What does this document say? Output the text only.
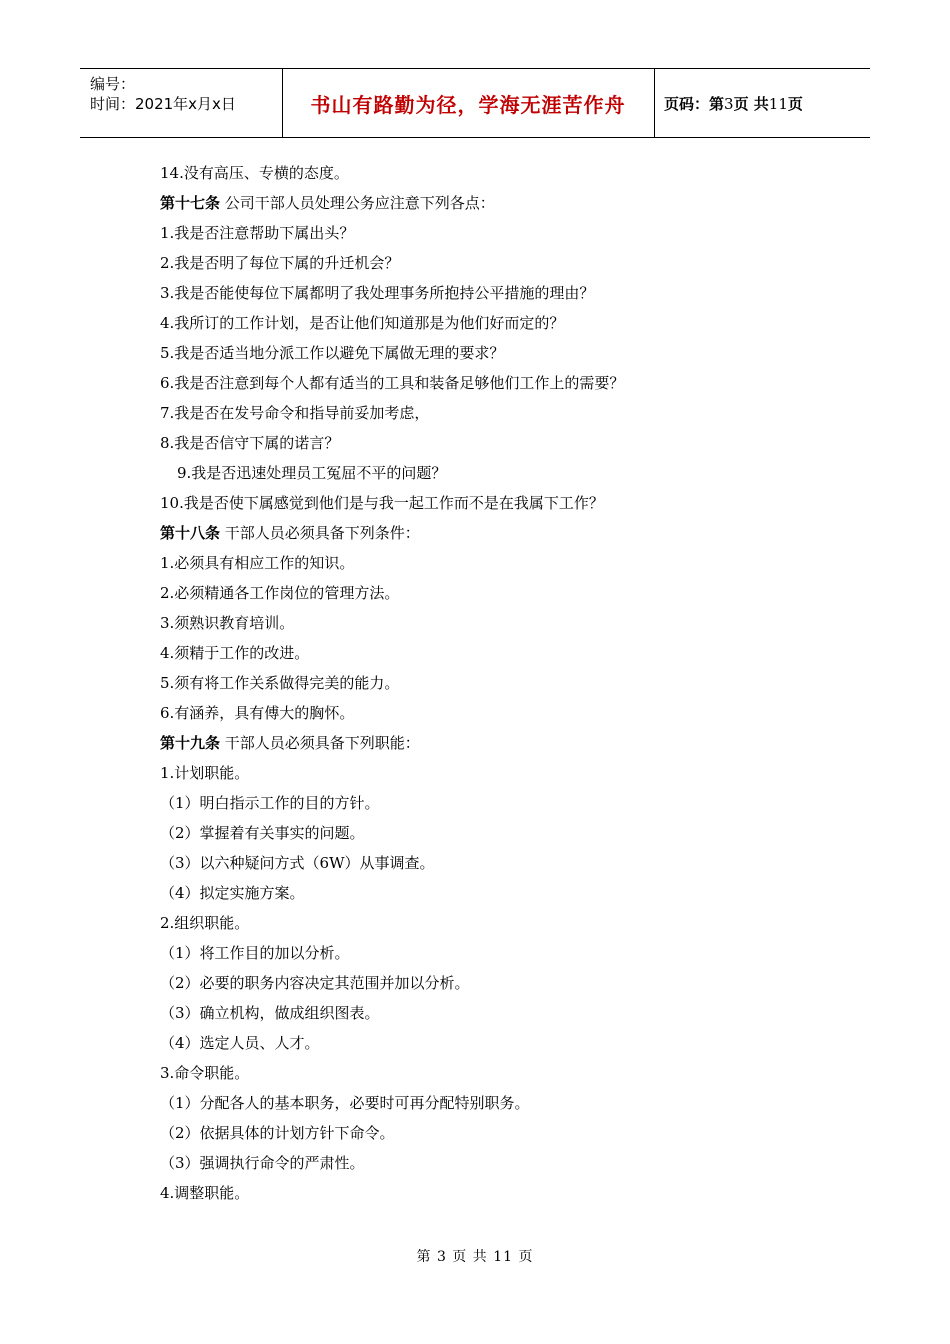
编号：
时间：2021年x月x日	书山有路勤为径，学海无涯苦作舟	页码：第3页 共11页
14.没有高压、专横的态度。
第十七条 公司干部人员处理公务应注意下列各点：
1.我是否注意帮助下属出头？
2.我是否明了每位下属的升迁机会？
3.我是否能使每位下属都明了我处理事务所抱持公平措施的理由？
4.我所订的工作计划，是否让他们知道那是为他们好而定的？
5.我是否适当地分派工作以避免下属做无理的要求？
6.我是否注意到每个人都有适当的工具和装备足够他们工作上的需要？
7.我是否在发号命令和指导前妥加考虑，
8.我是否信守下属的诺言？
9.我是否迅速处理员工冤屈不平的问题？
10.我是否使下属感觉到他们是与我一起工作而不是在我属下工作？
第十八条 干部人员必须具备下列条件：
1.必须具有相应工作的知识。
2.必须精通各工作岗位的管理方法。
3.须熟识教育培训。
4.须精于工作的改进。
5.须有将工作关系做得完美的能力。
6.有涵养，具有傅大的胸怀。
第十九条 干部人员必须具备下列职能：
1.计划职能。
（1）明白指示工作的目的方针。
（2）掌握着有关事实的问题。
（3）以六种疑问方式（6W）从事调查。
（4）拟定实施方案。
2.组织职能。
（1）将工作目的加以分析。
（2）必要的职务内容决定其范围并加以分析。
（3）确立机构，做成组织图表。
（4）选定人员、人才。
3.命令职能。
（1）分配各人的基本职务，必要时可再分配特别职务。
（2）依据具体的计划方针下命令。
（3）强调执行命令的严肃性。
4.调整职能。
第 3 页 共 11 页
